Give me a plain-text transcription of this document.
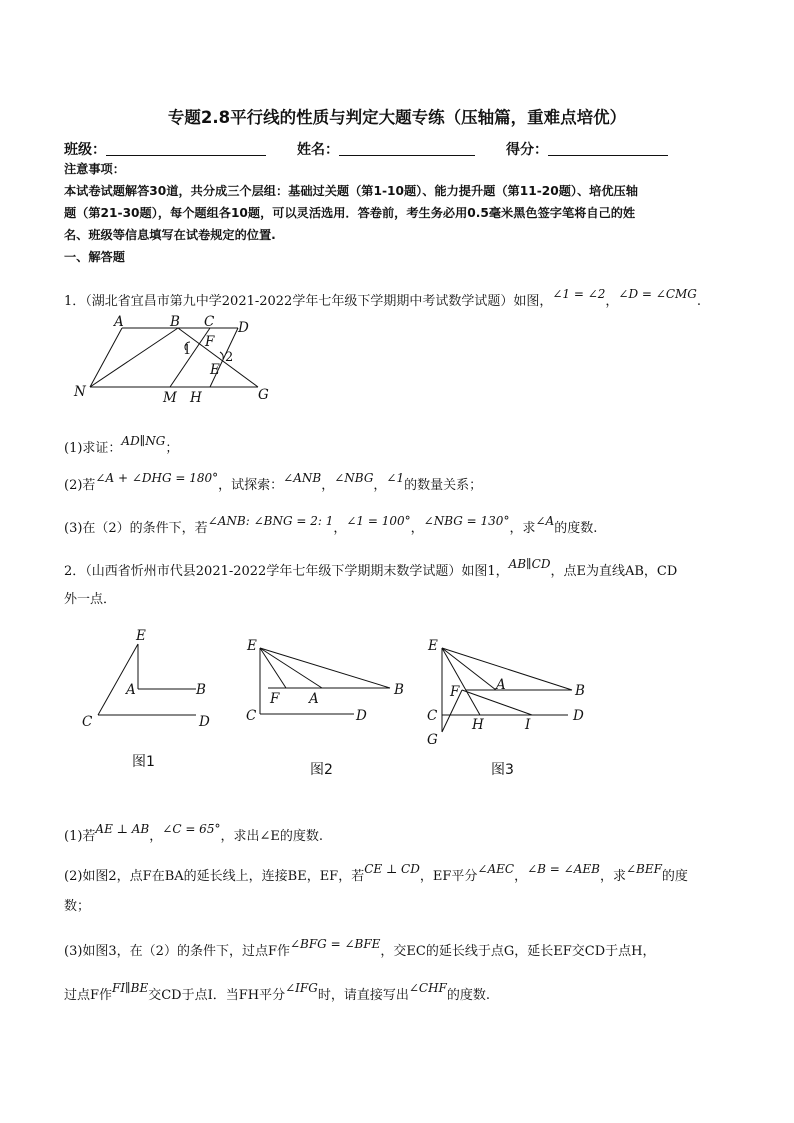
专题2.8平行线的性质与判定大题专练（压轴篇，重难点培优）
班级：	姓名：	得分：
注意事项：
本试卷试题解答30道，共分成三个层组：基础过关题（第1-10题）、能力提升题（第11-20题）、培优压轴
题（第21-30题），每个题组各10题，可以灵活选用．答卷前，考生务必用0.5毫米黑色签字笔将自己的姓
名、班级等信息填写在试卷规定的位置.
一、解答题
1．（湖北省宜昌市第九中学2021-2022学年七年级下学期期中考试数学试题）如图，∠1 = ∠2，∠D = ∠CMG.
A	B C D
F
1	2
E
N	M H	G
(1)求证：AD∥NG；
(2)若∠A + ∠DHG = 180°，试探索：∠ANB，∠NBG，∠1的数量关系；
(3)在（2）的条件下，若∠ANB: ∠BNG = 2: 1，∠1 = 100°，∠NBG = 130°，求∠A的度数.
2．（山西省忻州市代县2021-2022学年七年级下学期期末数学试题）如图1，AB∥CD，点E为直线AB，CD
外一点．
E
A	B
C	D
图1
E
F A
B
C	D
图2
E
F	A	B
C
H	I
D
G
图3
(1)若AE ⊥ AB，∠C = 65°，求出∠E的度数.
(2)如图2，点F在BA的延长线上，连接BE，EF，若CE ⊥ CD，EF平分∠AEC，∠B = ∠AEB，求∠BEF的度
数；
(3)如图3，在（2）的条件下，过点F作∠BFG = ∠BFE，交EC的延长线于点G，延长EF交CD于点H，
过点F作FI∥BE交CD于点I．当FH平分∠IFG时，请直接写出∠CHF的度数.
